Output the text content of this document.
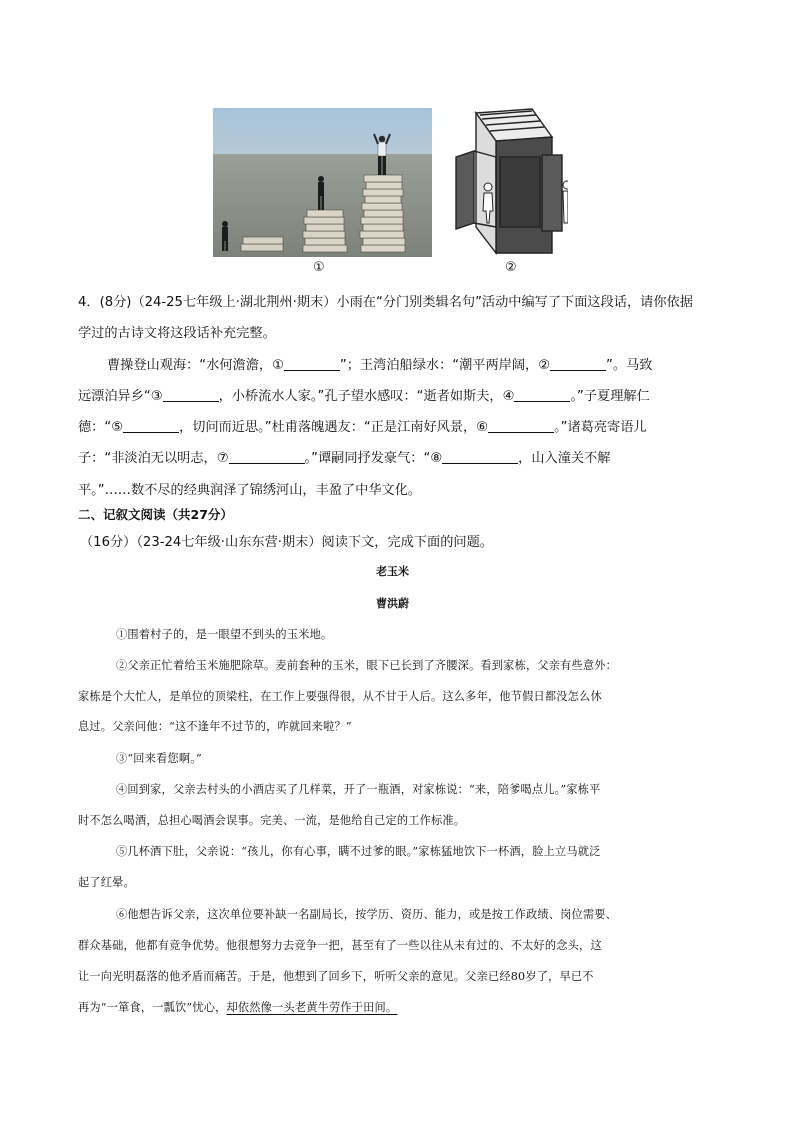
①	②
4．(8分)（24-25七年级上·湖北荆州·期末）小雨在“分门别类辑名句”活动中编写了下面这段话，请你依据
学过的古诗文将这段话补充完整。
曹操登山观海：“水何澹澹，①	”；王湾泊船绿水：“潮平两岸阔，②	”。马致
远漂泊异乡“③	，小桥流水人家。”孔子望水感叹：“逝者如斯夫，④	。”子夏理解仁
德：“⑤	，切问而近思。”杜甫落魄遇友：“正是江南好风景，⑥	。”诸葛亮寄语儿
子：“非淡泊无以明志，⑦	。”谭嗣同抒发豪气：“⑧	，山入潼关不解
平。”……数不尽的经典润泽了锦绣河山，丰盈了中华文化。
二、记叙文阅读（共27分）
（16分）（23-24七年级·山东东营·期末）阅读下文，完成下面的问题。
老玉米
曹洪蔚
①围着村子的，是一眼望不到头的玉米地。
②父亲正忙着给玉米施肥除草。麦前套种的玉米，眼下已长到了齐腰深。看到家栋，父亲有些意外：
家栋是个大忙人，是单位的顶梁柱，在工作上要强得很，从不甘于人后。这么多年，他节假日都没怎么休
息过。父亲问他：“这不逢年不过节的，咋就回来啦？”
③“回来看您啊。”
④回到家，父亲去村头的小酒店买了几样菜，开了一瓶酒，对家栋说：“来，陪爹喝点儿。”家栋平
时不怎么喝酒，总担心喝酒会误事。完美、一流，是他给自己定的工作标准。
⑤几杯酒下肚，父亲说：“孩儿，你有心事，瞒不过爹的眼。”家栋猛地饮下一杯酒，脸上立马就泛
起了红晕。
⑥他想告诉父亲，这次单位要补缺一名副局长，按学历、资历、能力，或是按工作政绩、岗位需要、
群众基础，他都有竞争优势。他很想努力去竞争一把，甚至有了一些以往从未有过的、不太好的念头，这
让一向光明磊落的他矛盾而痛苦。于是，他想到了回乡下，听听父亲的意见。父亲已经80岁了，早已不
再为“一箪食，一瓢饮”忧心，却依然像一头老黄牛劳作于田间。
